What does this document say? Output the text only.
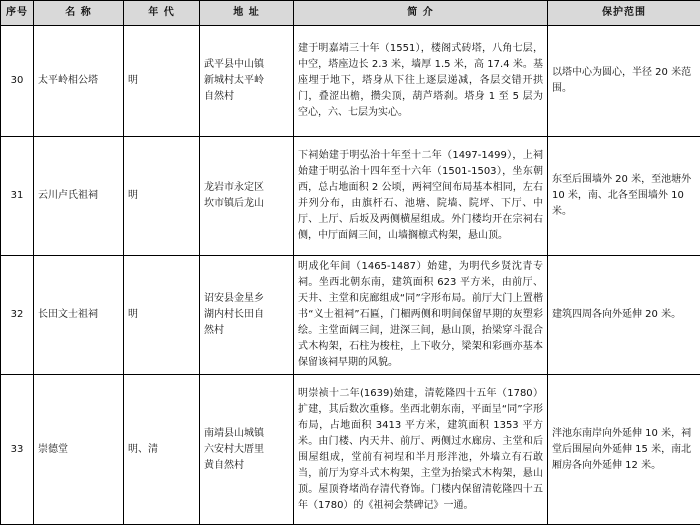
序号	名 称	年 代	地 址	简 介	保护范围
30	太平岭相公塔	明	武平县中山镇
新城村太平岭
自然村	建于明嘉靖三十年（1551），楼阁式砖塔，八角七层，中空，塔座边长 2.3 米，墙厚 1.5 米，高 17.4 米。基座埋于地下，塔身从下往上逐层递减，各层交错开拱门，叠涩出檐，攒尖顶，葫芦塔刹。塔身 1 至 5 层为空心，六、七层为实心。	以塔中心为圆心，半径 20 米范围。
31	云川卢氏祖祠	明	龙岩市永定区
坎市镇后龙山	下祠始建于明弘治十年至十二年（1497-1499），上祠始建于明弘治十四年至十六年（1501-1503），坐东朝西，总占地面积 2 公顷，两祠空间布局基本相同，左右并列分布，由旗杆石、池塘、院墙、院坪、下厅、中厅、上厅、后坂及两侧横屋组成。外门楼均开在宗祠右侧，中厅面阔三间，山墙搁檩式构架，悬山顶。	东至后围墙外 20 米，至池塘外 10 米，南、北各至围墙外 10 米。
32	长田文士祖祠	明	诏安县金星乡
湖内村长田自
然村	明成化年间（1465-1487）始建，为明代乡贤沈青专祠。坐西北朝东南，建筑面积 623 平方米，由前厅、天井、主堂和庑廊组成“同”字形布局。前厅大门上置楷书“义士祖祠”石匾，门楣两侧和明间保留早期的灰塑彩绘。主堂面阔三间，进深三间，悬山顶，抬梁穿斗混合式木构架，石柱为梭柱，上下收分，梁架和彩画亦基本保留该祠早期的风貌。	建筑四周各向外延伸 20 米。
33	崇德堂	明、清	南靖县山城镇
六安村大厝里
黄自然村	明崇祯十二年(1639)始建，清乾隆四十五年（1780）扩建，其后数次重修。坐西北朝东南，平面呈“同”字形布局，占地面积 3413 平方米，建筑面积 1353 平方米。由门楼、内天井、前厅、两侧过水廊房、主堂和后围屋组成，堂前有祠埕和半月形泮池，外墙立有石敢当，前厅为穿斗式木构架，主堂为抬梁式木构架，悬山顶。屋顶脊堵尚存清代脊饰。门楼内保留清乾隆四十五年（1780）的《祖祠会禁碑记》一通。	泮池东南岸向外延伸 10 米，祠堂后围屋向外延伸 15 米，南北厢房各向外延伸 12 米。
